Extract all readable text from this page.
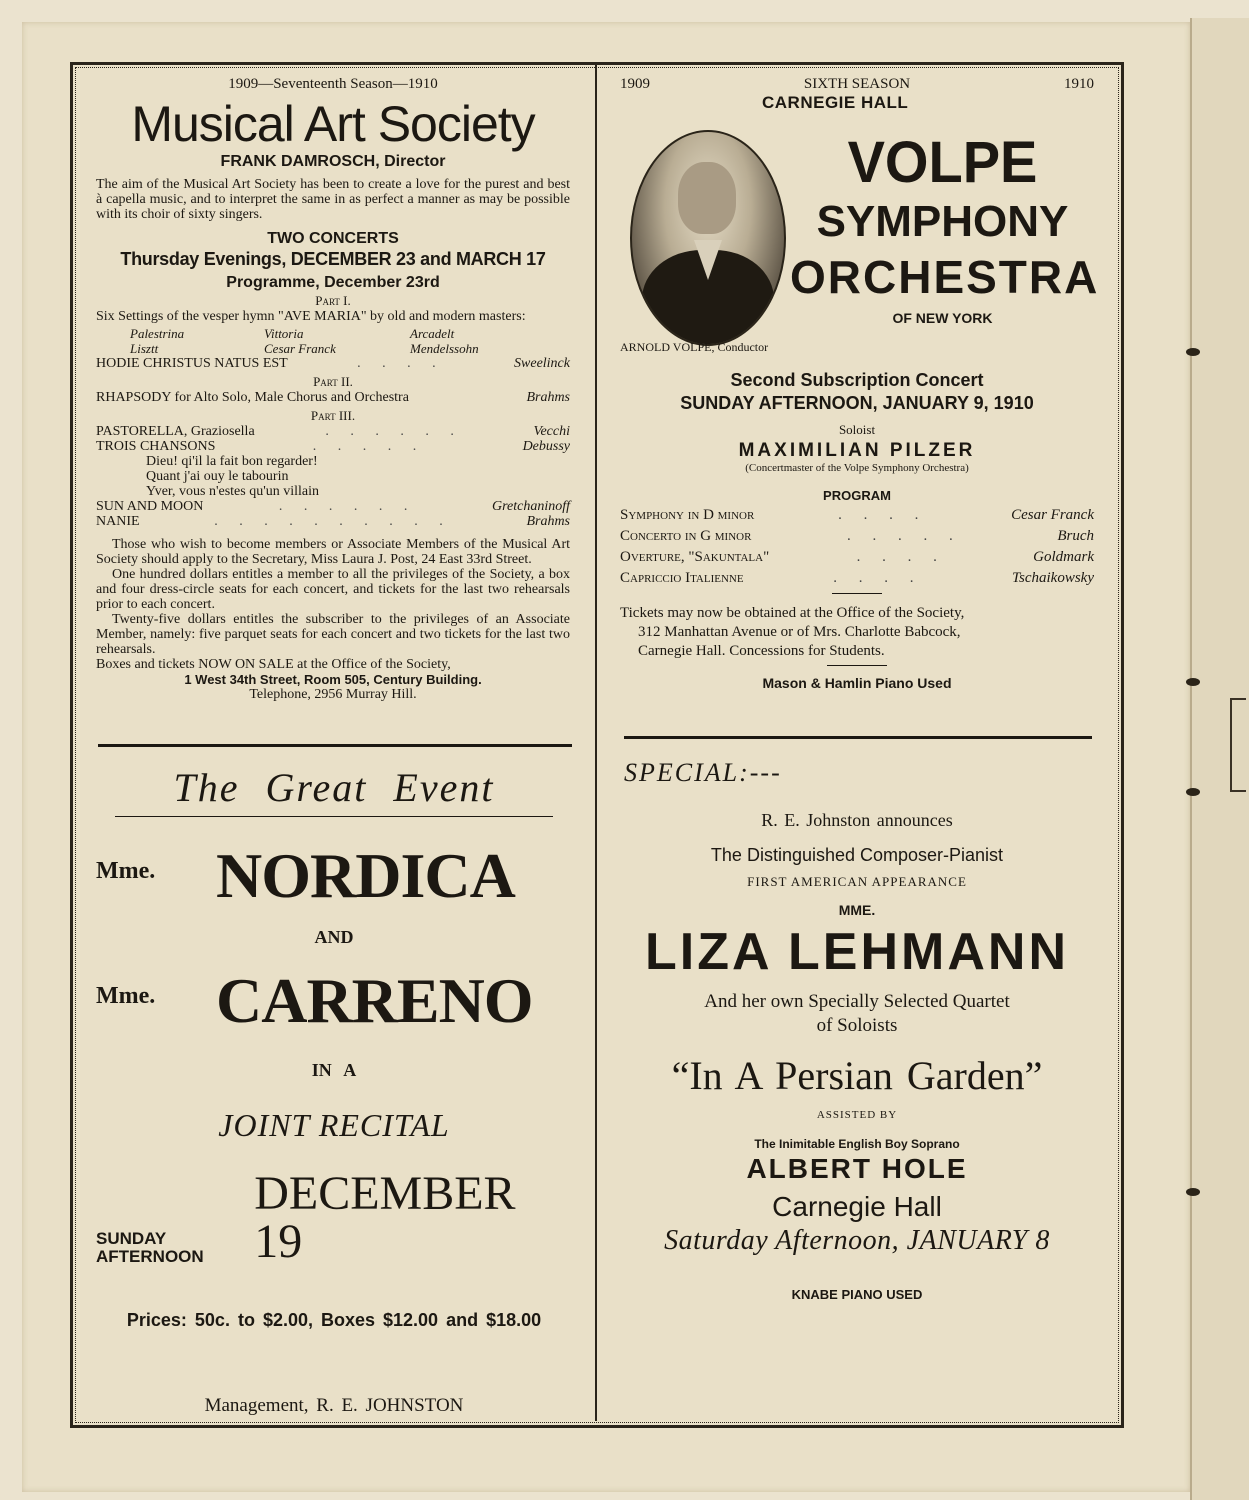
1909—Seventeenth Season—1910
Musical Art Society
FRANK DAMROSCH, Director
The aim of the Musical Art Society has been to create a love for the purest and best à capella music, and to interpret the same in as perfect a manner as may be possible with its choir of sixty singers.
TWO CONCERTS
Thursday Evenings, DECEMBER 23 and MARCH 17
Programme, December 23rd
Part I.
Six Settings of the vesper hymn "AVE MARIA" by old and modern masters:
Palestrina	Vittoria	Arcadelt
Lisztt	Cesar Franck	Mendelssohn
HODIE CHRISTUS NATUS EST	. . . .	Sweelinck
Part II.
RHAPSODY for Alto Solo, Male Chorus and Orchestra	Brahms
Part III.
PASTORELLA, Graziosella	. . . . . .	Vecchi
TROIS CHANSONS	. . . . .	Debussy
Dieu! qi'il la fait bon regarder!
Quant j'ai ouy le tabourin
Yver, vous n'estes qu'un villain
SUN AND MOON	. . . . . .	Gretchaninoff
NANIE	. . . . . . . . . .	Brahms
Those who wish to become members or Associate Members of the Musical Art Society should apply to the Secretary, Miss Laura J. Post, 24 East 33rd Street.
One hundred dollars entitles a member to all the privileges of the Society, a box and four dress-circle seats for each concert, and tickets for the last two rehearsals prior to each concert.
Twenty-five dollars entitles the subscriber to the privileges of an Associate Member, namely: five parquet seats for each concert and two tickets for the last two rehearsals.
Boxes and tickets NOW ON SALE at the Office of the Society,
1 West 34th Street, Room 505, Century Building.
Telephone, 2956 Murray Hill.
The Great Event
Mme. NORDICA
AND
Mme. CARRENO
IN A
JOINT RECITAL
SUNDAY
AFTERNOON
DECEMBER 19
Prices: 50c. to $2.00, Boxes $12.00 and $18.00
Management, R. E. JOHNSTON
1909	SIXTH SEASON	1910
CARNEGIE HALL
VOLPE
SYMPHONY
ORCHESTRA
OF NEW YORK
ARNOLD VOLPE, Conductor
Second Subscription Concert
SUNDAY AFTERNOON, JANUARY 9, 1910
Soloist
MAXIMILIAN PILZER
(Concertmaster of the Volpe Symphony Orchestra)
PROGRAM
Symphony in D minor	. . . .	Cesar Franck
Concerto in G minor	. . . . .	Bruch
Overture, "Sakuntala"	. . . .	Goldmark
Capriccio Italienne	. . . .	Tschaikowsky
Tickets may now be obtained at the Office of the Society,
312 Manhattan Avenue or of Mrs. Charlotte Babcock,
Carnegie Hall. Concessions for Students.
Mason & Hamlin Piano Used
SPECIAL:---
R. E. Johnston announces
The Distinguished Composer-Pianist
FIRST AMERICAN APPEARANCE
MME.
LIZA LEHMANN
And her own Specially Selected Quartet
of Soloists
“In A Persian Garden”
ASSISTED BY
The Inimitable English Boy Soprano
ALBERT HOLE
Carnegie Hall
Saturday Afternoon, JANUARY 8
KNABE PIANO USED
